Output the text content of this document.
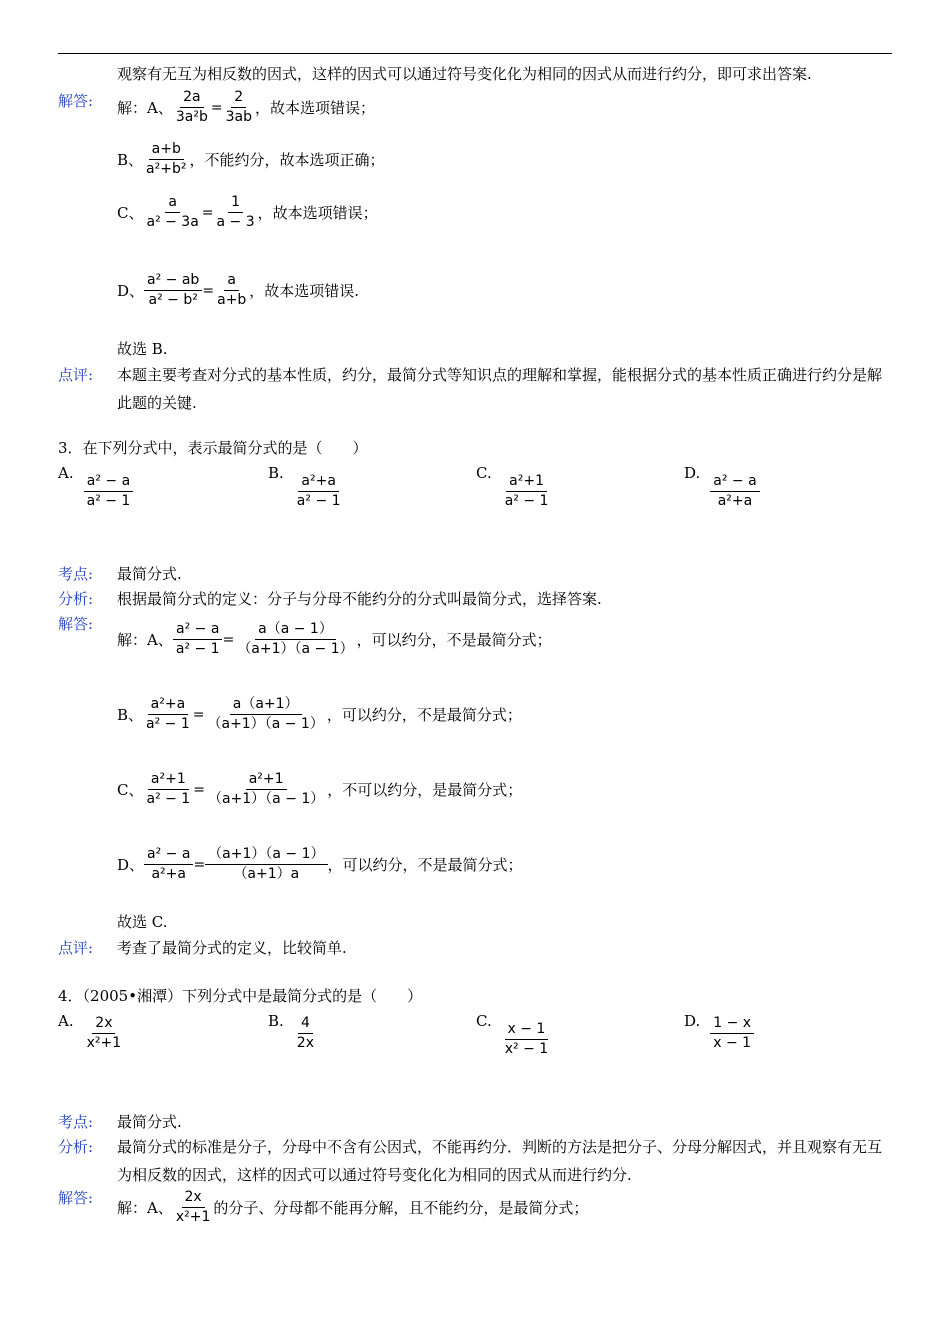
观察有无互为相反数的因式，这样的因式可以通过符号变化化为相同的因式从而进行约分，即可求出答案.
解答: 解：A、 $\frac{2a}{\text{3a²b}} = \frac{2}{3ab}$ ，故本选项错误；
B、 $\frac{a+b}{\text{a²+b²}}$ ，不能约分，故本选项正确；
C、 $\frac{a}{\text{a² − 3a}} = \frac{1}{a - 3}$ ，故本选项错误；
D、 $\frac{\text{a² − ab}}{\text{a² − b²}} = \frac{a}{a+b}$ ，故本选项错误.
故选 B.
点评: 本题主要考查对分式的基本性质，约分，最简分式等知识点的理解和掌握，能根据分式的基本性质正确进行约分是解此题的关键.
3．在下列分式中，表示最简分式的是（　　）
A. $\frac{\text{a² − a}}{\text{a² − 1}}$	B. $\frac{\text{a²+a}}{\text{a² − 1}}$	C. $\frac{\text{a²+1}}{\text{a² − 1}}$	D. $\frac{\text{a² − a}}{\text{a²+a}}$
考点: 最简分式.
分析: 根据最简分式的定义：分子与分母不能约分的分式叫最简分式，选择答案.
解答:
解：A、 $\frac{\text{a² − a}}{\text{a² − 1}} = \frac{a(a - 1)}{(a+1)(a - 1)}$ ，可以约分，不是最简分式；
B、 $\frac{\text{a²+a}}{\text{a² − 1}} = \frac{a(a+1)}{(a+1)(a - 1)}$ ，可以约分，不是最简分式；
C、 $\frac{\text{a²+1}}{\text{a² − 1}} = \frac{\text{a²+1}}{(a+1)(a - 1)}$ ，不可以约分，是最简分式；
D、 $\frac{\text{a² − a}}{\text{a²+a}} = \frac{(a+1)(a - 1)}{(a+1)a}$ ，可以约分，不是最简分式；
故选 C.
点评: 考查了最简分式的定义，比较简单.
4．（2005•湘潭）下列分式中是最简分式的是（　　）
A. $\frac{2x}{\text{x²+1}}$	B. $\frac{4}{2x}$	C. $\frac{x - 1}{\text{x² − 1}}$	D. $\frac{1 - x}{x - 1}$
考点: 最简分式.
分析: 最简分式的标准是分子，分母中不含有公因式，不能再约分．判断的方法是把分子、分母分解因式，并且观察有无互为相反数的因式，这样的因式可以通过符号变化化为相同的因式从而进行约分.
解答:
解：A、 $\frac{2x}{\text{x²+1}}$ 的分子、分母都不能再分解，且不能约分，是最简分式；
